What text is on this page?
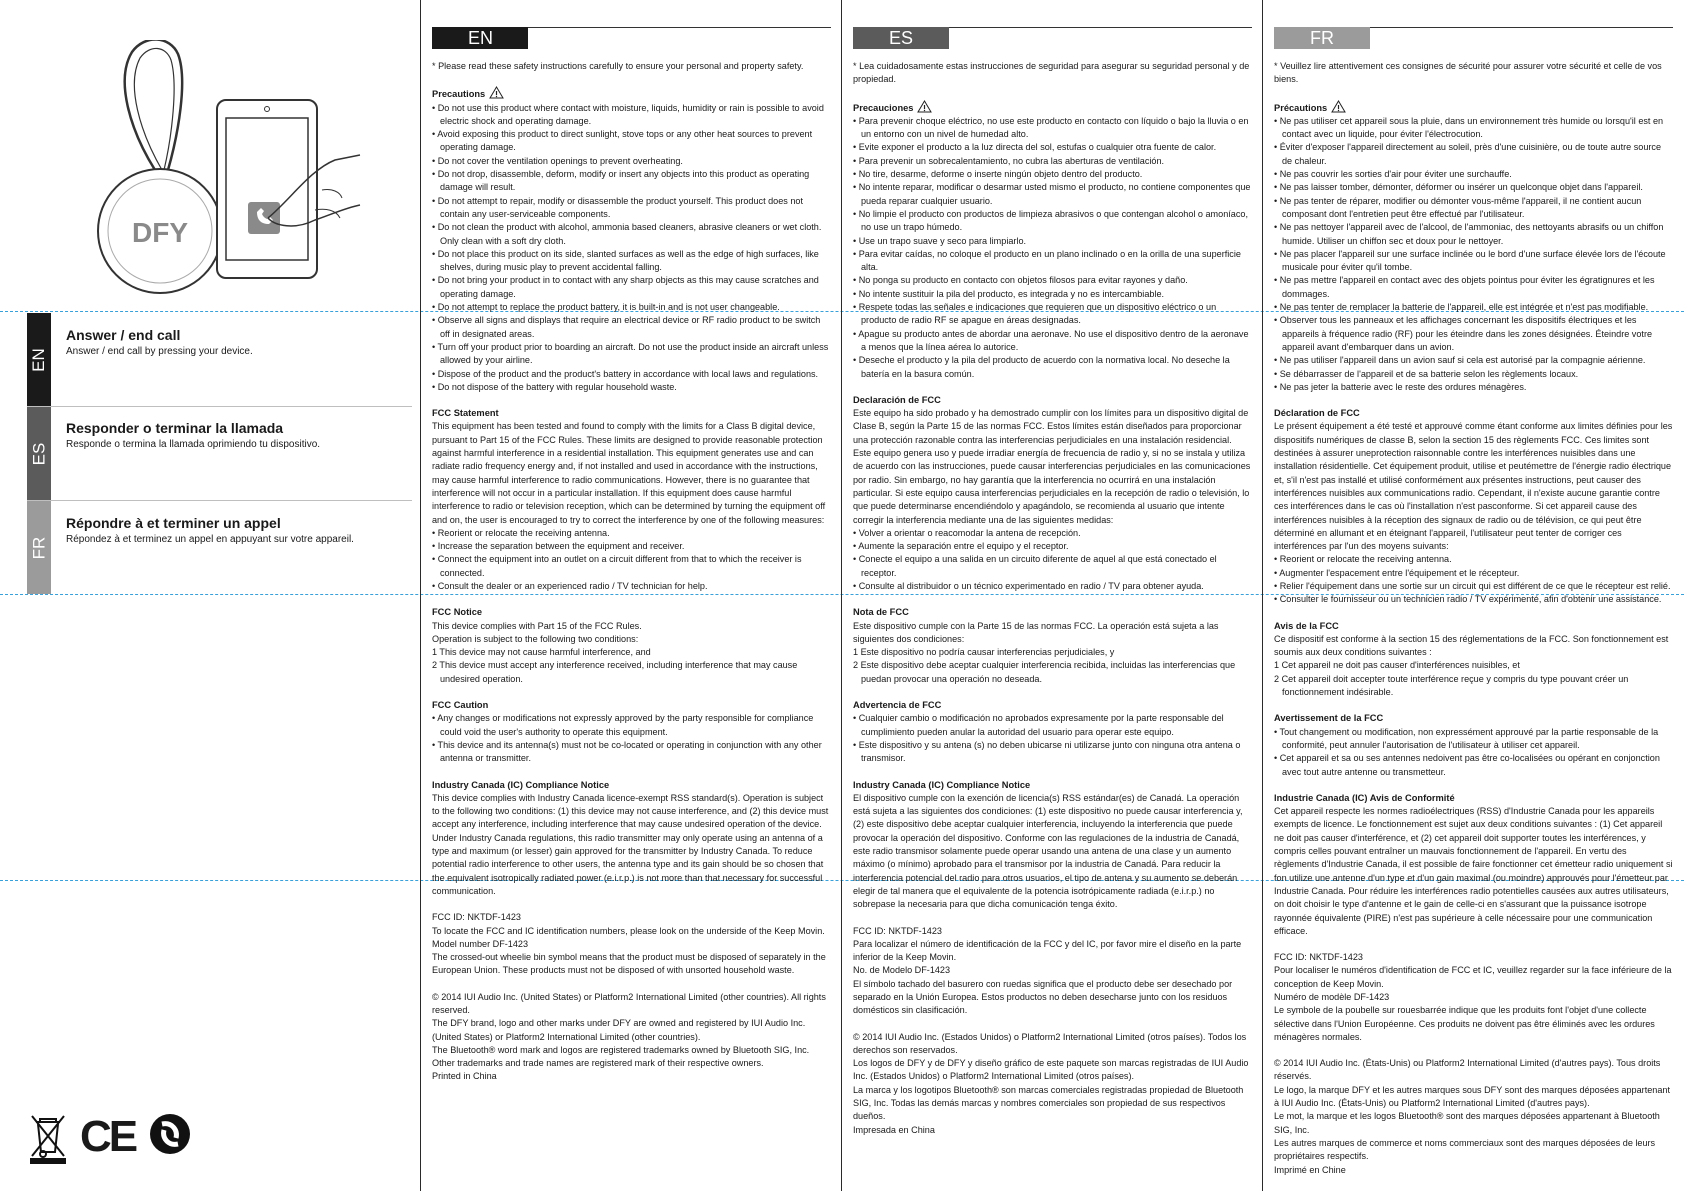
DFY
EN
Answer / end call
Answer / end call by pressing your device.
ES
Responder o terminar la llamada
Responde o termina la llamada oprimiendo tu dispositivo.
FR
Répondre à et terminer un appel
Répondez à et terminez un appel en appuyant sur votre appareil.
CE
EN

* Please read these safety instructions carefully to ensure your personal and property safety.

Precautions
• Do not use this product where contact with moisture, liquids, humidity or rain is possible to avoid electric shock and operating damage.
• Avoid exposing this product to direct sunlight, stove tops or any other heat sources to prevent operating damage.
• Do not cover the ventilation openings to prevent overheating.
• Do not drop, disassemble, deform, modify or insert any objects into this product as operating damage will result.
• Do not attempt to repair, modify or disassemble the product yourself. This product does not contain any user-serviceable components.
• Do not clean the product with alcohol, ammonia based cleaners, abrasive cleaners or wet cloth. Only clean with a soft dry cloth.
• Do not place this product on its side, slanted surfaces as well as the edge of high surfaces, like shelves, during music play to prevent accidental falling.
• Do not bring your product in to contact with any sharp objects as this may cause scratches and operating damage.
• Do not attempt to replace the product battery, it is built-in and is not user changeable.
• Observe all signs and displays that require an electrical device or RF radio product to be switch off in designated areas.
• Turn off your product prior to boarding an aircraft. Do not use the product inside an aircraft unless allowed by your airline.
• Dispose of the product and the product's battery in accordance with local laws and regulations.
• Do not dispose of the battery with regular household waste.
FCC Statement

This equipment has been tested and found to comply with the limits for a Class B digital device, pursuant to Part 15 of the FCC Rules. These limits are designed to provide reasonable protection against harmful interference in a residential installation. This equipment generates use and can radiate radio frequency energy and, if not installed and used in accordance with the instructions, may cause harmful interference to radio communications. However, there is no guarantee that interference will not occur in a particular installation. If this equipment does cause harmful interference to radio or television reception, which can be determined by turning the equipment off and on, the user is encouraged to try to correct the interference by one of the following measures:

• Reorient or relocate the receiving antenna.
• Increase the separation between the equipment and receiver.
• Connect the equipment into an outlet on a circuit different from that to which the receiver is connected.
• Consult the dealer or an experienced radio / TV technician for help.
FCC Notice

This device complies with Part 15 of the FCC Rules.

Operation is subject to the following two conditions:

1 This device may not cause harmful interference, and

2 This device must accept any interference received, including interference that may cause undesired operation.

FCC Caution
• Any changes or modifications not expressly approved by the party responsible for compliance could void the user's authority to operate this equipment.
• This device and its antenna(s) must not be co-located or operating in conjunction with any other antenna or transmitter.
Industry Canada (IC) Compliance Notice

This device complies with Industry Canada licence-exempt RSS standard(s). Operation is subject to the following two conditions: (1) this device may not cause interference, and (2) this device must accept any interference, including interference that may cause undesired operation of the device. Under Industry Canada regulations, this radio transmitter may only operate using an antenna of a type and maximum (or lesser) gain approved for the transmitter by Industry Canada. To reduce potential radio interference to other users, the antenna type and its gain should be so chosen that the equivalent isotropically radiated power (e.i.r.p.) is not more than that necessary for successful communication.

FCC ID: NKTDF-1423

To locate the FCC and IC identification numbers, please look on the underside of the Keep Movin.

Model number DF-1423

The crossed-out wheelie bin symbol means that the product must be disposed of separately in the European Union. These products must not be disposed of with unsorted household waste.

© 2014 IUI Audio Inc. (United States) or Platform2 International Limited (other countries). All rights reserved.

The DFY brand, logo and other marks under DFY are owned and registered by IUI Audio Inc. (United States) or Platform2 International Limited (other countries).

The Bluetooth® word mark and logos are registered trademarks owned by Bluetooth SIG, Inc.

Other trademarks and trade names are registered mark of their respective owners.

Printed in China

ES

* Lea cuidadosamente estas instrucciones de seguridad para asegurar su seguridad personal y de propiedad.

Precauciones
• Para prevenir choque eléctrico, no use este producto en contacto con líquido o bajo la lluvia o en un entorno con un nivel de humedad alto.
• Evite exponer el producto a la luz directa del sol, estufas o cualquier otra fuente de calor.
• Para prevenir un sobrecalentamiento, no cubra las aberturas de ventilación.
• No tire, desarme, deforme o inserte ningún objeto dentro del producto.
• No intente reparar, modificar o desarmar usted mismo el producto, no contiene componentes que pueda reparar cualquier usuario.
• No limpie el producto con productos de limpieza abrasivos o que contengan alcohol o amoníaco, no use un trapo húmedo.
• Use un trapo suave y seco para limpiarlo.
• Para evitar caídas, no coloque el producto en un plano inclinado o en la orilla de una superficie alta.
• No ponga su producto en contacto con objetos filosos para evitar rayones y daño.
• No intente sustituir la pila del producto, es integrada y no es intercambiable.
• Respete todas las señales e indicaciones que requieren que un dispositivo eléctrico o un producto de radio RF se apague en áreas designadas.
• Apague su producto antes de abordar una aeronave. No use el dispositivo dentro de la aeronave a menos que la línea aérea lo autorice.
• Deseche el producto y la pila del producto de acuerdo con la normativa local. No deseche la batería en la basura común.
Declaración de FCC

Este equipo ha sido probado y ha demostrado cumplir con los límites para un dispositivo digital de Clase B, según la Parte 15 de las normas FCC. Estos límites están diseñados para proporcionar una protección razonable contra las interferencias perjudiciales en una instalación residencial. Este equipo genera uso y puede irradiar energía de frecuencia de radio y, si no se instala y utiliza de acuerdo con las instrucciones, puede causar interferencias perjudiciales en las comunicaciones por radio. Sin embargo, no hay garantía que la interferencia no ocurrirá en una instalación particular. Si este equipo causa interferencias perjudiciales en la recepción de radio o televisión, lo que puede determinarse encendiéndolo y apagándolo, se recomienda al usuario que intente corregir la interferencia mediante una de las siguientes medidas:

• Volver a orientar o reacomodar la antena de recepción.
• Aumente la separación entre el equipo y el receptor.
• Conecte el equipo a una salida en un circuito diferente de aquel al que está conectado el receptor.
• Consulte al distribuidor o un técnico experimentado en radio / TV para obtener ayuda.
Nota de FCC

Este dispositivo cumple con la Parte 15 de las normas FCC. La operación está sujeta a las siguientes dos condiciones:

1 Este dispositivo no podría causar interferencias perjudiciales, y

2 Este dispositivo debe aceptar cualquier interferencia recibida, incluidas las interferencias que puedan provocar una operación no deseada.

Advertencia de FCC
• Cualquier cambio o modificación no aprobados expresamente por la parte responsable del cumplimiento pueden anular la autoridad del usuario para operar este equipo.
• Este dispositivo y su antena (s) no deben ubicarse ni utilizarse junto con ninguna otra antena o transmisor.
Industry Canada (IC) Compliance Notice

El dispositivo cumple con la exención de licencia(s) RSS estándar(es) de Canadá. La operación está sujeta a las siguientes dos condiciones: (1) este dispositivo no puede causar interferencia y, (2) este dispositivo debe aceptar cualquier interferencia, incluyendo la interferencia que puede provocar la operación del dispositivo. Conforme con las regulaciones de la industria de Canadá, este radio transmisor solamente puede operar usando una antena de una clase y un aumento máximo (o mínimo) aprobado para el transmisor por la industria de Canadá. Para reducir la interferencia potencial del radio para otros usuarios, el tipo de antena y su aumento se deberán elegir de tal manera que el equivalente de la potencia isotrópicamente radiada (e.i.r.p.) no sobrepase la necesaria para que dicha comunicación tenga éxito.

FCC ID: NKTDF-1423

Para localizar el número de identificación de la FCC y del IC, por favor mire el diseño en la parte inferior de la Keep Movin.

No. de Modelo DF-1423

El símbolo tachado del basurero con ruedas significa que el producto debe ser desechado por separado en la Unión Europea. Estos productos no deben desecharse junto con los residuos domésticos sin clasificación.

© 2014 IUI Audio Inc. (Estados Unidos) o Platform2 International Limited (otros países). Todos los derechos son reservados.

Los logos de DFY y de DFY y diseño gráfico de este paquete son marcas registradas de IUI Audio Inc. (Estados Unidos) o Platform2 International Limited (otros países).

La marca y los logotipos Bluetooth® son marcas comerciales registradas propiedad de Bluetooth SIG, Inc. Todas las demás marcas y nombres comerciales son propiedad de sus respectivos dueños.

Impresada en China

FR

* Veuillez lire attentivement ces consignes de sécurité pour assurer votre sécurité et celle de vos biens.

Précautions
• Ne pas utiliser cet appareil sous la pluie, dans un environnement très humide ou lorsqu'il est en contact avec un liquide, pour éviter l'électrocution.
• Éviter d'exposer l'appareil directement au soleil, près d'une cuisinière, ou de toute autre source de chaleur.
• Ne pas couvrir les sorties d'air pour éviter une surchauffe.
• Ne pas laisser tomber, démonter, déformer ou insérer un quelconque objet dans l'appareil.
• Ne pas tenter de réparer, modifier ou démonter vous-même l'appareil, il ne contient aucun composant dont l'entretien peut être effectué par l'utilisateur.
• Ne pas nettoyer l'appareil avec de l'alcool, de l'ammoniac, des nettoyants abrasifs ou un chiffon humide. Utiliser un chiffon sec et doux pour le nettoyer.
• Ne pas placer l'appareil sur une surface inclinée ou le bord d'une surface élevée lors de l'écoute musicale pour éviter qu'il tombe.
• Ne pas mettre l'appareil en contact avec des objets pointus pour éviter les égratignures et les dommages.
• Ne pas tenter de remplacer la batterie de l'appareil, elle est intégrée et n'est pas modifiable.
• Observer tous les panneaux et les affichages concernant les dispositifs électriques et les appareils à fréquence radio (RF) pour les éteindre dans les zones désignées. Éteindre votre appareil avant d'embarquer dans un avion.
• Ne pas utiliser l'appareil dans un avion sauf si cela est autorisé par la compagnie aérienne.
• Se débarrasser de l'appareil et de sa batterie selon les règlements locaux.
• Ne pas jeter la batterie avec le reste des ordures ménagères.
Déclaration de FCC

Le présent équipement a été testé et approuvé comme étant conforme aux limites définies pour les dispositifs numériques de classe B, selon la section 15 des règlements FCC. Ces limites sont destinées à assurer uneprotection raisonnable contre les interférences nuisibles dans une installation résidentielle. Cet équipement produit, utilise et peutémettre de l'énergie radio électrique et, s'il n'est pas installé et utilisé conformément aux présentes instructions, peut causer des interférences nuisibles aux communications radio. Cependant, il n'existe aucune garantie contre ces interférences dans le cas où l'installation n'est pasconforme. Si cet appareil cause des interférences nuisibles à la réception des signaux de radio ou de télévision, ce qui peut être déterminé en allumant et en éteignant l'appareil, l'utilisateur peut tenter de corriger ces interférences par l'un des moyens suivants:

• Reorient or relocate the receiving antenna.
• Augmenter l'espacement entre l'équipement et le récepteur.
• Relier l'équipement dans une sortie sur un circuit qui est différent de ce que le récepteur est relié.
• Consulter le fournisseur ou un technicien radio / TV expérimenté, afin d'obtenir une assistance.
Avis de la FCC

Ce dispositif est conforme à la section 15 des réglementations de la FCC. Son fonctionnement est soumis aux deux conditions suivantes :

1 Cet appareil ne doit pas causer d'interférences nuisibles, et

2 Cet appareil doit accepter toute interférence reçue y compris du type pouvant créer un fonctionnement indésirable.

Avertissement de la FCC
• Tout changement ou modification, non expressément approuvé par la partie responsable de la conformité, peut annuler l'autorisation de l'utilisateur à utiliser cet appareil.
• Cet appareil et sa ou ses antennes nedoivent pas être co-localisées ou opérant en conjonction avec tout autre antenne ou transmetteur.
lndustrie Canada (IC) Avis de Conformité

Cet appareil respecte les normes radioélectriques (RSS) d'Industrie Canada pour les appareils exempts de licence. Le fonctionnement est sujet aux deux conditions suivantes : (1) Cet appareil ne doit pas causer d'interférence, et (2) cet appareil doit supporter toutes les interférences, y compris celles pouvant entraîner un mauvais fonctionnement de l'appareil. En vertu des règlements d'Industrie Canada, il est possible de faire fonctionner cet émetteur radio uniquement si fon utilize une antenne d'un type et d'un gain maximal (ou moindre) approuvés pour l'émetteur par Industrie Canada. Pour réduire les interférences radio potentielles causées aux autres utilisateurs, on doit choisir le type d'antenne et le gain de celle-ci en s'assurant que la puissance isotrope rayonnée équivalente (PIRE) n'est pas supérieure à celle nécessaire pour une communication efficace.

FCC ID: NKTDF-1423

Pour localiser le numéros d'identification de FCC et IC, veuillez regarder sur la face inférieure de la conception de Keep Movin.

Numéro de modèle DF-1423

Le symbole de la poubelle sur rouesbarrée indique que les produits font l'objet d'une collecte sélective dans l'Union Européenne. Ces produits ne doivent pas être éliminés avec les ordures ménagères normales.

© 2014 IUI Audio Inc. (États-Unis) ou Platform2 International Limited (d'autres pays). Tous droits réservés.

Le logo, la marque DFY et les autres marques sous DFY sont des marques déposées appartenant à IUI Audio Inc. (États-Unis) ou Platform2 International Limited (d'autres pays).

Le mot, la marque et les logos Bluetooth® sont des marques déposées appartenant à Bluetooth SIG, Inc.

Les autres marques de commerce et noms commerciaux sont des marques déposées de leurs propriétaires respectifs.

Imprimé en Chine
